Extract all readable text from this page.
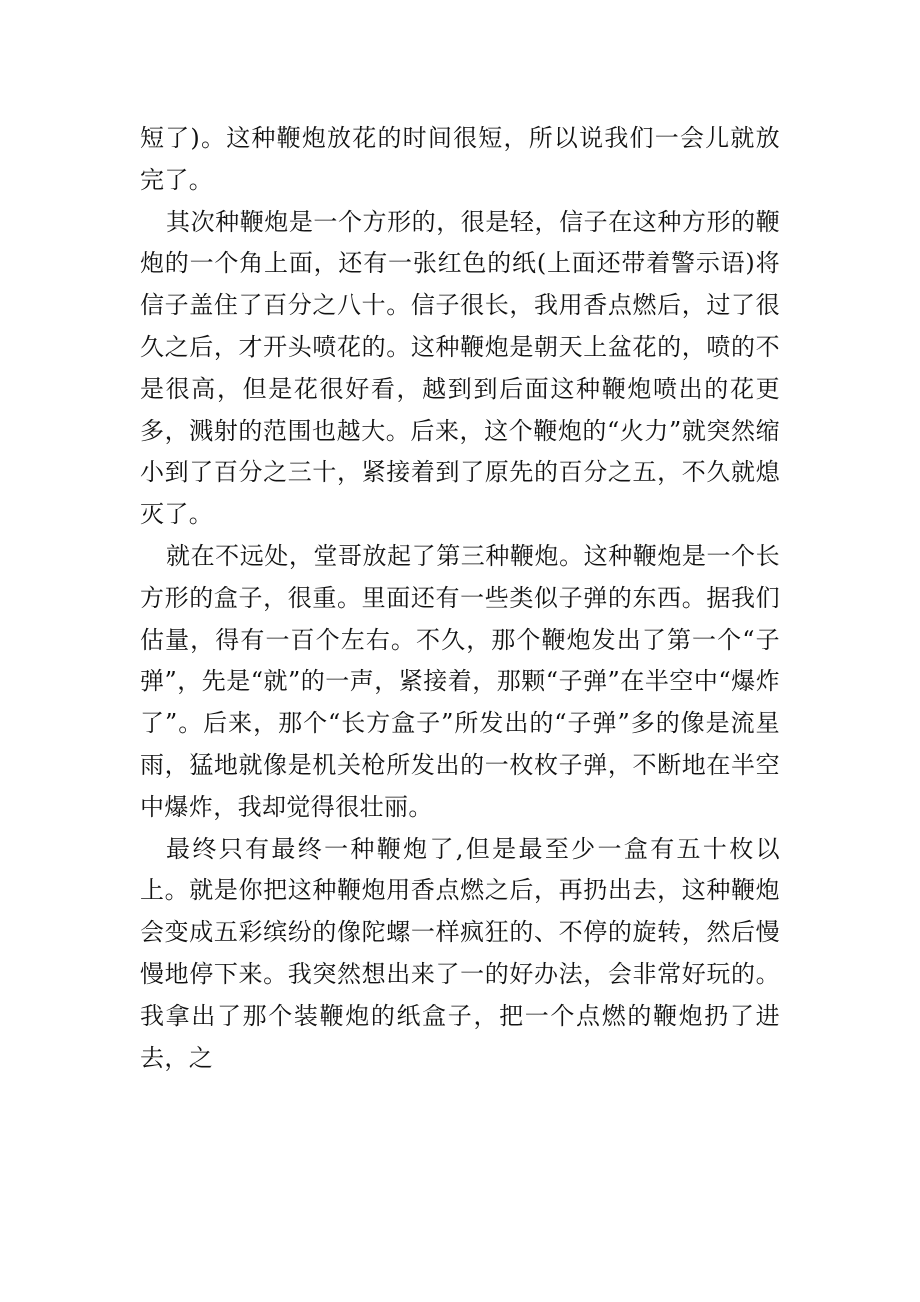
短了)。这种鞭炮放花的时间很短，所以说我们一会儿就放完了。

其次种鞭炮是一个方形的，很是轻，信子在这种方形的鞭炮的一个角上面，还有一张红色的纸(上面还带着警示语)将信子盖住了百分之八十。信子很长，我用香点燃后，过了很久之后，才开头喷花的。这种鞭炮是朝天上盆花的，喷的不是很高，但是花很好看，越到到后面这种鞭炮喷出的花更多，溅射的范围也越大。后来，这个鞭炮的“火力”就突然缩小到了百分之三十，紧接着到了原先的百分之五，不久就熄灭了。

就在不远处，堂哥放起了第三种鞭炮。这种鞭炮是一个长方形的盒子，很重。里面还有一些类似子弹的东西。据我们估量，得有一百个左右。不久，那个鞭炮发出了第一个“子弹”，先是“就”的一声，紧接着，那颗“子弹”在半空中“爆炸了”。后来，那个“长方盒子”所发出的“子弹”多的像是流星雨，猛地就像是机关枪所发出的一枚枚子弹，不断地在半空中爆炸，我却觉得很壮丽。

最终只有最终一种鞭炮了,但是最至少一盒有五十枚以上。就是你把这种鞭炮用香点燃之后，再扔出去，这种鞭炮会变成五彩缤纷的像陀螺一样疯狂的、不停的旋转，然后慢慢地停下来。我突然想出来了一的好办法，会非常好玩的。我拿出了那个装鞭炮的纸盒子，把一个点燃的鞭炮扔了进去，之
